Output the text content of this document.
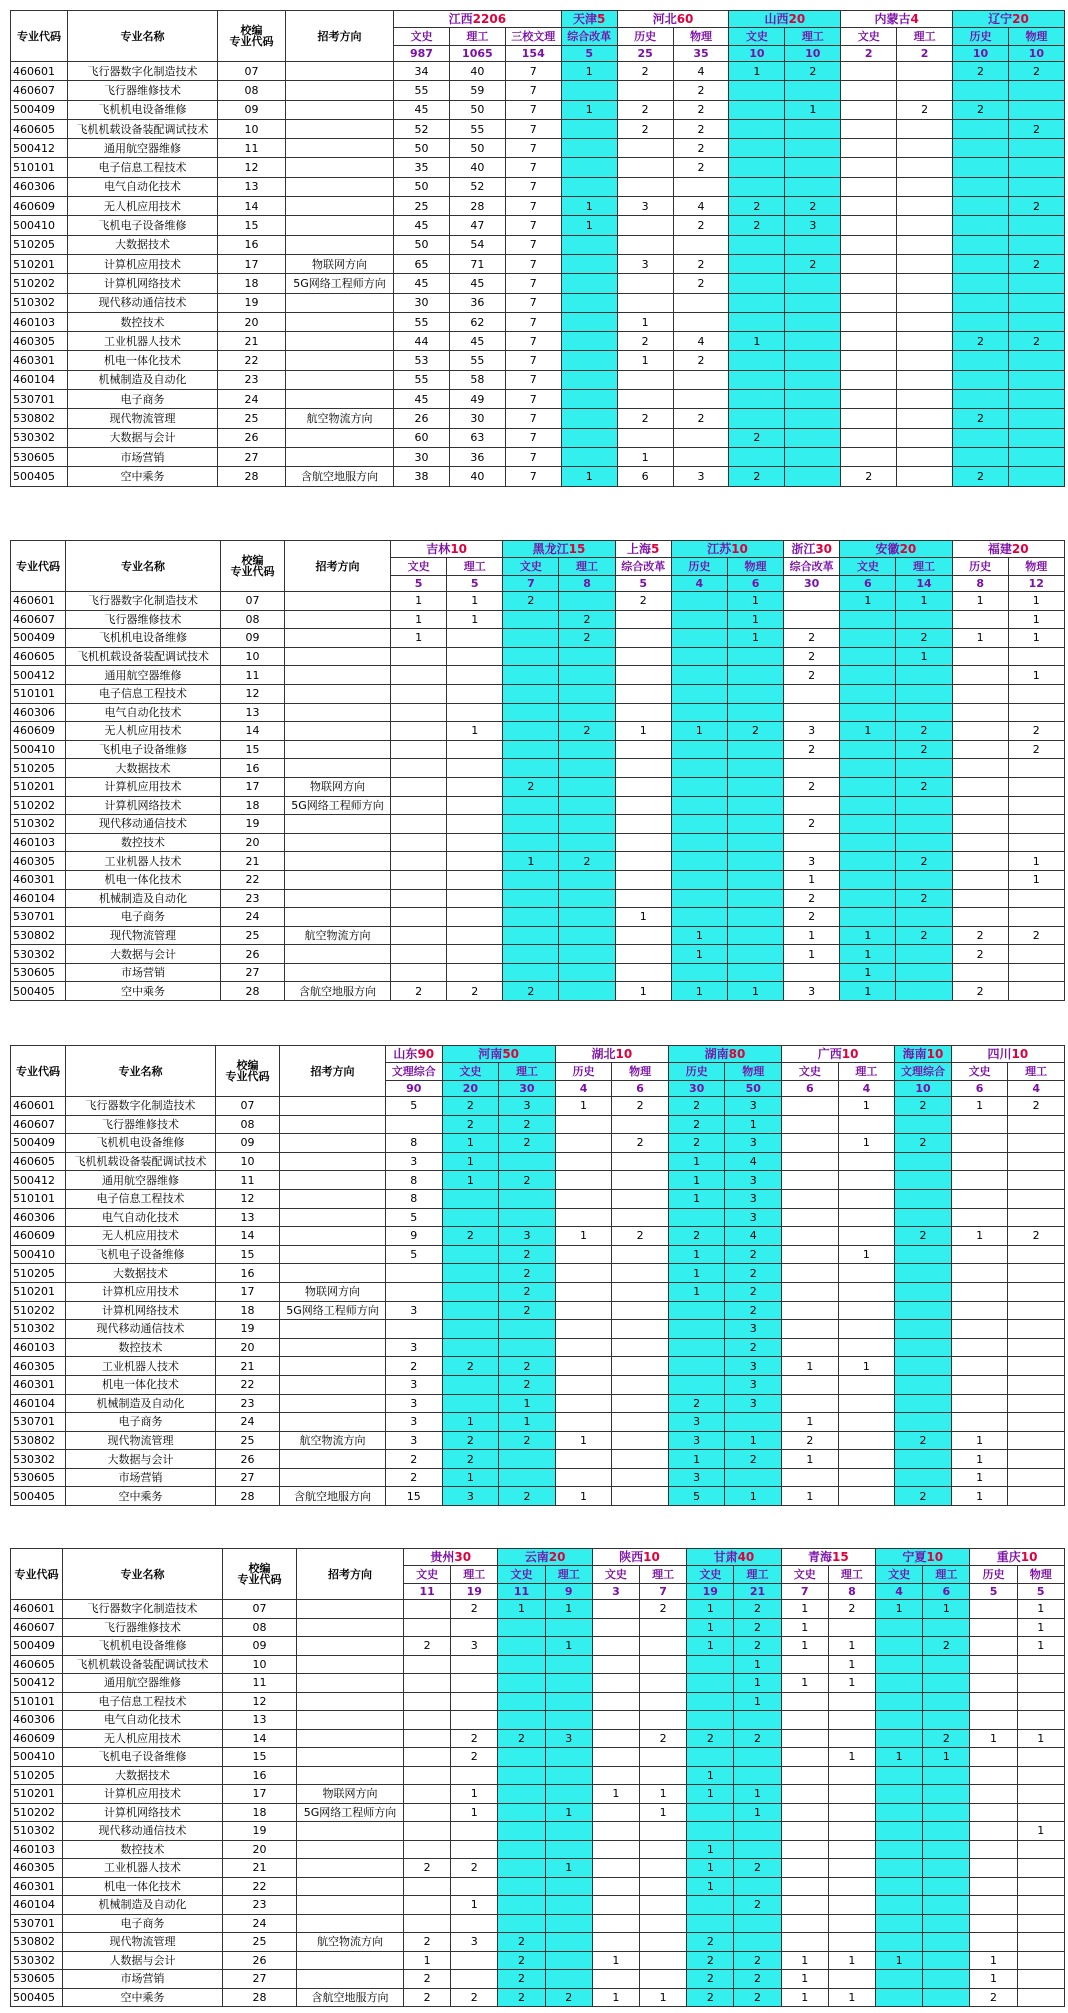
专业代码	专业名称	校编
专业代码	招考方向	江西2206			天津5	河北60		山西20		内蒙古4		辽宁20	
				文史	理工	三校文理	综合改革	历史	物理	文史	理工	文史	理工	历史	物理
				987	1065	154	5	25	35	10	10	2	2	10	10
460601	飞行器数字化制造技术	07		34	40	7	1	2	4	1	2			2	2
460607	飞行器维修技术	08		55	59	7			2						
500409	飞机机电设备维修	09		45	50	7	1	2	2		1		2	2	
460605	飞机机载设备装配调试技术	10		52	55	7		2	2						2
500412	通用航空器维修	11		50	50	7			2						
510101	电子信息工程技术	12		35	40	7			2						
460306	电气自动化技术	13		50	52	7									
460609	无人机应用技术	14		25	28	7	1	3	4	2	2				2
500410	飞机电子设备维修	15		45	47	7	1		2	2	3				
510205	大数据技术	16		50	54	7									
510201	计算机应用技术	17	物联网方向	65	71	7		3	2		2				2
510202	计算机网络技术	18	5G网络工程师方向	45	45	7			2						
510302	现代移动通信技术	19		30	36	7									
460103	数控技术	20		55	62	7		1							
460305	工业机器人技术	21		44	45	7		2	4	1				2	2
460301	机电一体化技术	22		53	55	7		1	2						
460104	机械制造及自动化	23		55	58	7									
530701	电子商务	24		45	49	7									
530802	现代物流管理	25	航空物流方向	26	30	7		2	2					2	
530302	大数据与会计	26		60	63	7				2					
530605	市场营销	27		30	36	7		1							
500405	空中乘务	28	含航空地服方向	38	40	7	1	6	3	2		2		2	
专业代码	专业名称	校编
专业代码	招考方向	吉林10		黑龙江15		上海5	江苏10		浙江30	安徽20		福建20	
				文史	理工	文史	理工	综合改革	历史	物理	综合改革	文史	理工	历史	物理
				5	5	7	8	5	4	6	30	6	14	8	12
460601	飞行器数字化制造技术	07		1	1	2		2		1		1	1	1	1
460607	飞行器维修技术	08		1	1		2			1					1
500409	飞机机电设备维修	09		1			2			1	2		2	1	1
460605	飞机机载设备装配调试技术	10									2		1		
500412	通用航空器维修	11									2				1
510101	电子信息工程技术	12													
460306	电气自动化技术	13													
460609	无人机应用技术	14			1		2	1	1	2	3	1	2		2
500410	飞机电子设备维修	15									2		2		2
510205	大数据技术	16													
510201	计算机应用技术	17	物联网方向			2					2		2		
510202	计算机网络技术	18	5G网络工程师方向												
510302	现代移动通信技术	19									2				
460103	数控技术	20													
460305	工业机器人技术	21				1	2				3		2		1
460301	机电一体化技术	22									1				1
460104	机械制造及自动化	23									2		2		
530701	电子商务	24						1			2				
530802	现代物流管理	25	航空物流方向						1		1	1	2	2	2
530302	大数据与会计	26							1		1	1		2	
530605	市场营销	27										1			
500405	空中乘务	28	含航空地服方向	2	2	2		1	1	1	3	1		2	
专业代码	专业名称	校编
专业代码	招考方向	山东90	河南50		湖北10		湖南80		广西10		海南10	四川10	
				文理综合	文史	理工	历史	物理	历史	物理	文史	理工	文理综合	文史	理工
				90	20	30	4	6	30	50	6	4	10	6	4
460601	飞行器数字化制造技术	07		5	2	3	1	2	2	3		1	2	1	2
460607	飞行器维修技术	08			2	2			2	1					
500409	飞机机电设备维修	09		8	1	2		2	2	3		1	2		
460605	飞机机载设备装配调试技术	10		3	1				1	4					
500412	通用航空器维修	11		8	1	2			1	3					
510101	电子信息工程技术	12		8					1	3					
460306	电气自动化技术	13		5						3					
460609	无人机应用技术	14		9	2	3	1	2	2	4			2	1	2
500410	飞机电子设备维修	15		5		2			1	2		1			
510205	大数据技术	16				2			1	2					
510201	计算机应用技术	17	物联网方向			2			1	2					
510202	计算机网络技术	18	5G网络工程师方向	3		2				2					
510302	现代移动通信技术	19								3					
460103	数控技术	20		3						2					
460305	工业机器人技术	21		2	2	2				3	1	1			
460301	机电一体化技术	22		3		2				3					
460104	机械制造及自动化	23		3		1			2	3					
530701	电子商务	24		3	1	1			3		1				
530802	现代物流管理	25	航空物流方向	3	2	2	1		3	1	2		2	1	
530302	大数据与会计	26		2	2				1	2	1			1	
530605	市场营销	27		2	1				3					1	
500405	空中乘务	28	含航空地服方向	15	3	2	1		5	1	1		2	1	
专业代码	专业名称	校编
专业代码	招考方向	贵州30		云南20		陕西10		甘肃40		青海15		宁夏10		重庆10	
				文史	理工	文史	理工	文史	理工	文史	理工	文史	理工	文史	理工	历史	物理
				11	19	11	9	3	7	19	21	7	8	4	6	5	5
460601	飞行器数字化制造技术	07			2	1	1		2	1	2	1	2	1	1		1
460607	飞行器维修技术	08								1	2	1					1
500409	飞机机电设备维修	09		2	3		1			1	2	1	1		2		1
460605	飞机机载设备装配调试技术	10									1		1				
500412	通用航空器维修	11									1	1	1				
510101	电子信息工程技术	12									1						
460306	电气自动化技术	13															
460609	无人机应用技术	14			2	2	3		2	2	2				2	1	1
500410	飞机电子设备维修	15			2								1	1	1		
510205	大数据技术	16								1							
510201	计算机应用技术	17	物联网方向		1			1	1	1	1						
510202	计算机网络技术	18	5G网络工程师方向		1		1		1		1						
510302	现代移动通信技术	19															1
460103	数控技术	20								1							
460305	工业机器人技术	21		2	2		1			1	2						
460301	机电一体化技术	22								1							
460104	机械制造及自动化	23			1						2						
530701	电子商务	24															
530802	现代物流管理	25	航空物流方向	2	3	2				2							
530302	人数据与会计	26		1		2		1		2	2	1	1	1		1	
530605	市场营销	27		2		2				2	2	1				1	
500405	空中乘务	28	含航空地服方向	2	2	2	2	1	1	2	2	1	1			2	
